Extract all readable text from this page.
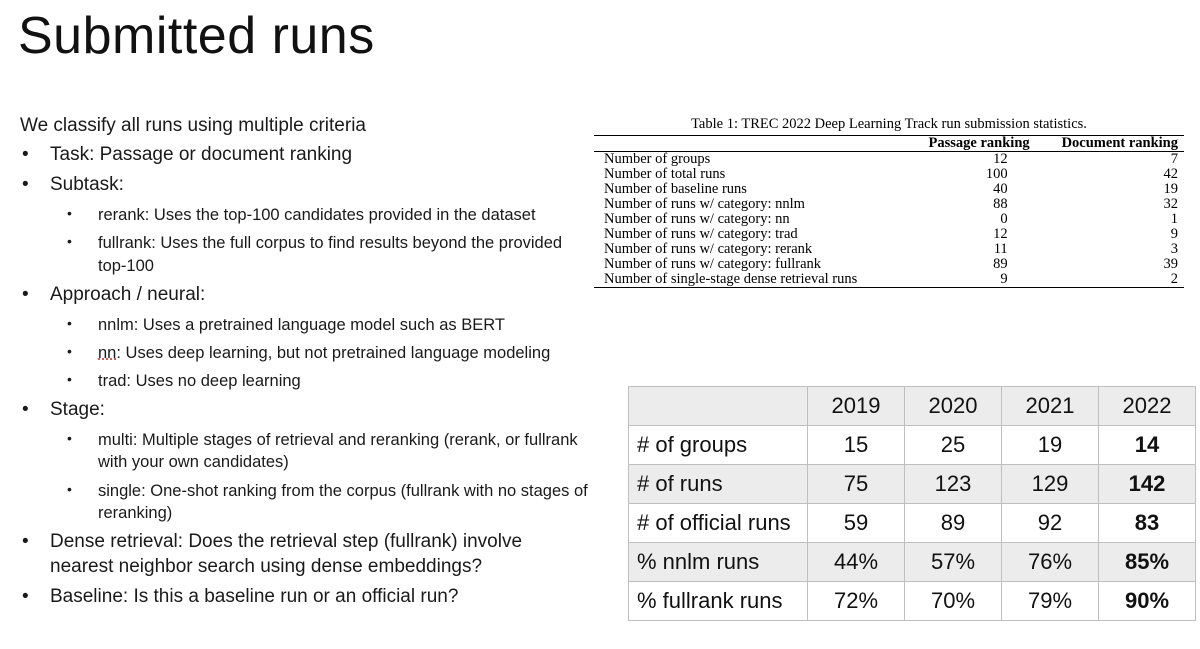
Submitted runs

We classify all runs using multiple criteria

• Task: Passage or document ranking
• Subtask:
• rerank: Uses the top-100 candidates provided in the dataset
• fullrank: Uses the full corpus to find results beyond the provided top-100
• Approach / neural:
• nnlm: Uses a pretrained language model such as BERT
• nn: Uses deep learning, but not pretrained language modeling
• trad: Uses no deep learning
• Stage:
• multi: Multiple stages of retrieval and reranking (rerank, or fullrank with your own candidates)
• single: One-shot ranking from the corpus (fullrank with no stages of reranking)
• Dense retrieval: Does the retrieval step (fullrank) involve nearest neighbor search using dense embeddings?
• Baseline: Is this a baseline run or an official run?
Table 1: TREC 2022 Deep Learning Track run submission statistics.
	Passage ranking	Document ranking
Number of groups	12	7
Number of total runs	100	42
Number of baseline runs	40	19
Number of runs w/ category: nnlm	88	32
Number of runs w/ category: nn	0	1
Number of runs w/ category: trad	12	9
Number of runs w/ category: rerank	11	3
Number of runs w/ category: fullrank	89	39
Number of single-stage dense retrieval runs	9	2
	2019	2020	2021	2022
# of groups	15	25	19	14
# of runs	75	123	129	142
# of official runs	59	89	92	83
% nnlm runs	44%	57%	76%	85%
% fullrank runs	72%	70%	79%	90%
